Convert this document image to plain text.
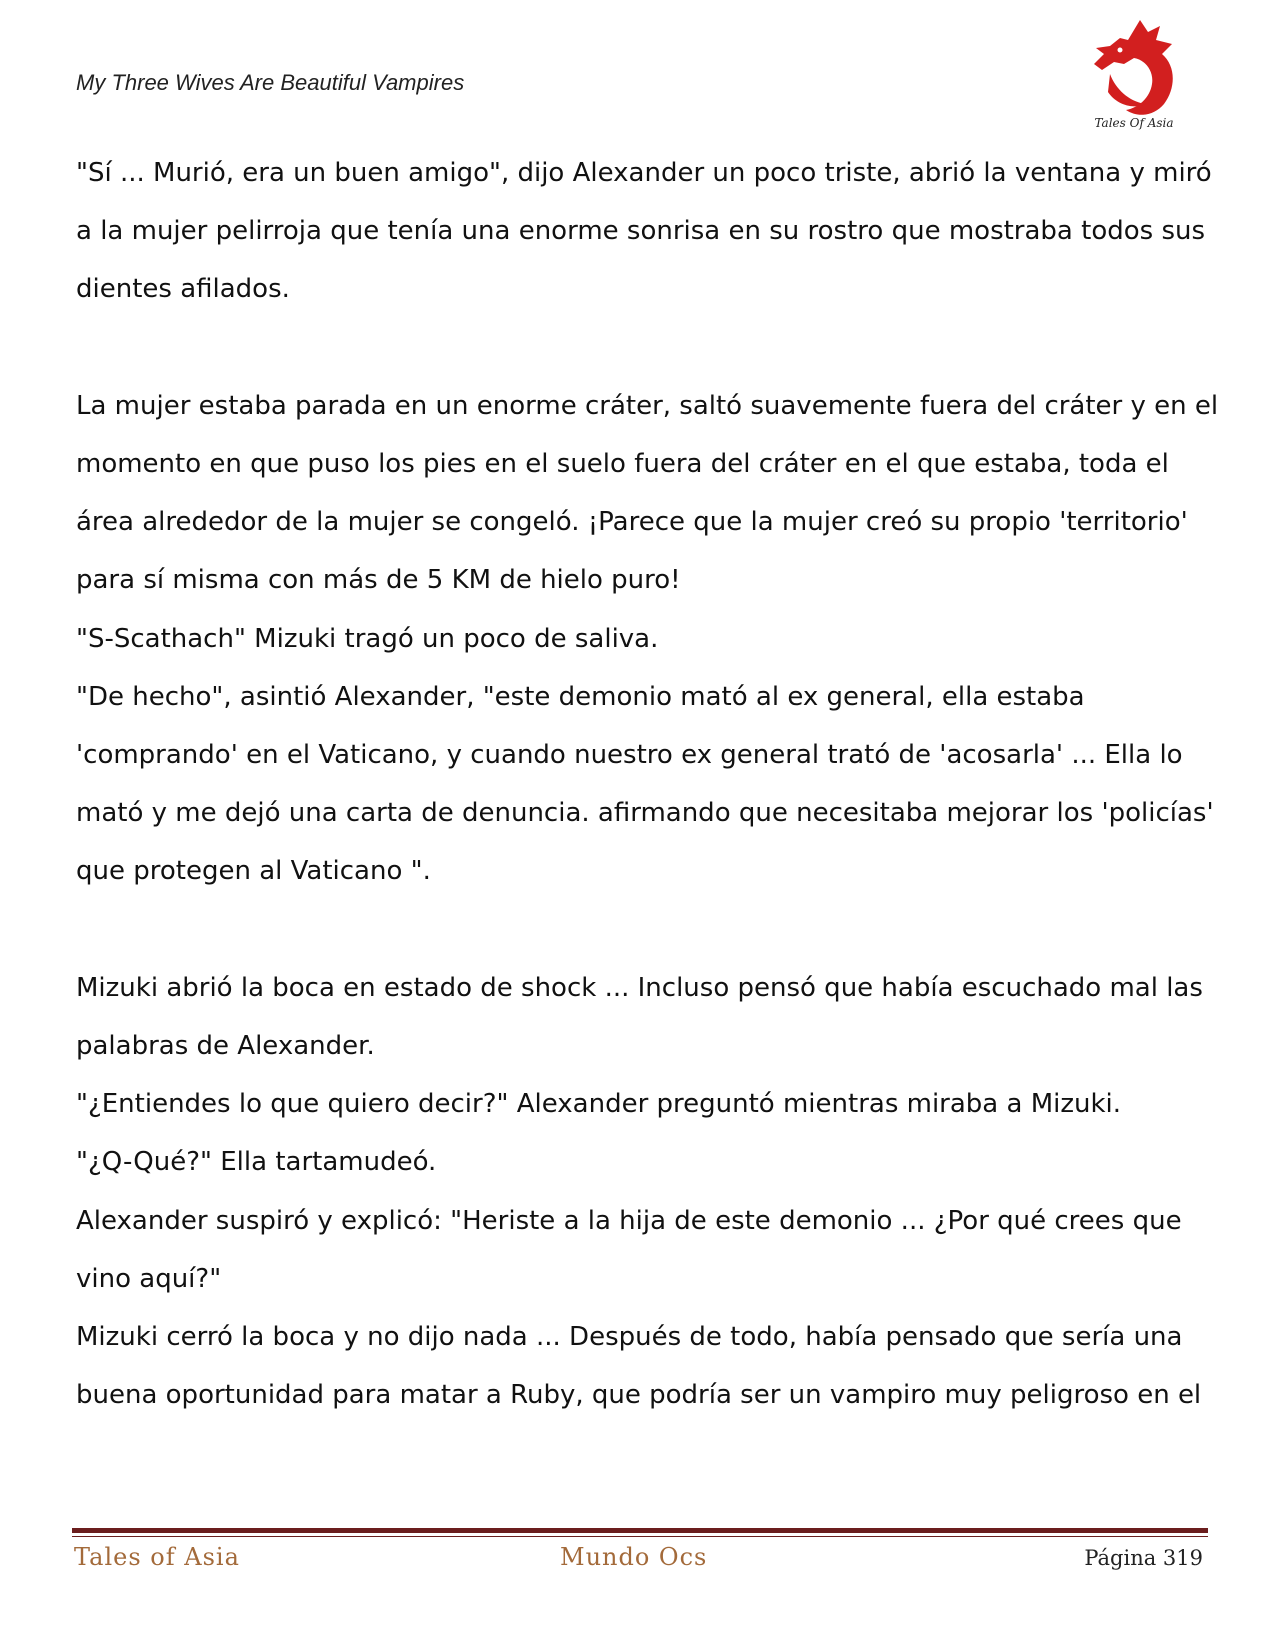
My Three Wives Are Beautiful Vampires
Tales Of Asia

"Sí ... Murió, era un buen amigo", dijo Alexander un poco triste, abrió la ventana y miró

a la mujer pelirroja que tenía una enorme sonrisa en su rostro que mostraba todos sus

dientes afilados.

La mujer estaba parada en un enorme cráter, saltó suavemente fuera del cráter y en el

momento en que puso los pies en el suelo fuera del cráter en el que estaba, toda el

área alrededor de la mujer se congeló. ¡Parece que la mujer creó su propio 'territorio'

para sí misma con más de 5 KM de hielo puro!

"S-Scathach" Mizuki tragó un poco de saliva.

"De hecho", asintió Alexander, "este demonio mató al ex general, ella estaba

'comprando' en el Vaticano, y cuando nuestro ex general trató de 'acosarla' ... Ella lo

mató y me dejó una carta de denuncia. afirmando que necesitaba mejorar los 'policías'

que protegen al Vaticano ".

Mizuki abrió la boca en estado de shock ... Incluso pensó que había escuchado mal las

palabras de Alexander.

"¿Entiendes lo que quiero decir?" Alexander preguntó mientras miraba a Mizuki.

"¿Q-Qué?" Ella tartamudeó.

Alexander suspiró y explicó: "Heriste a la hija de este demonio ... ¿Por qué crees que

vino aquí?"

Mizuki cerró la boca y no dijo nada ... Después de todo, había pensado que sería una

buena oportunidad para matar a Ruby, que podría ser un vampiro muy peligroso en el

Tales of Asia	Mundo Ocs	Página 319
